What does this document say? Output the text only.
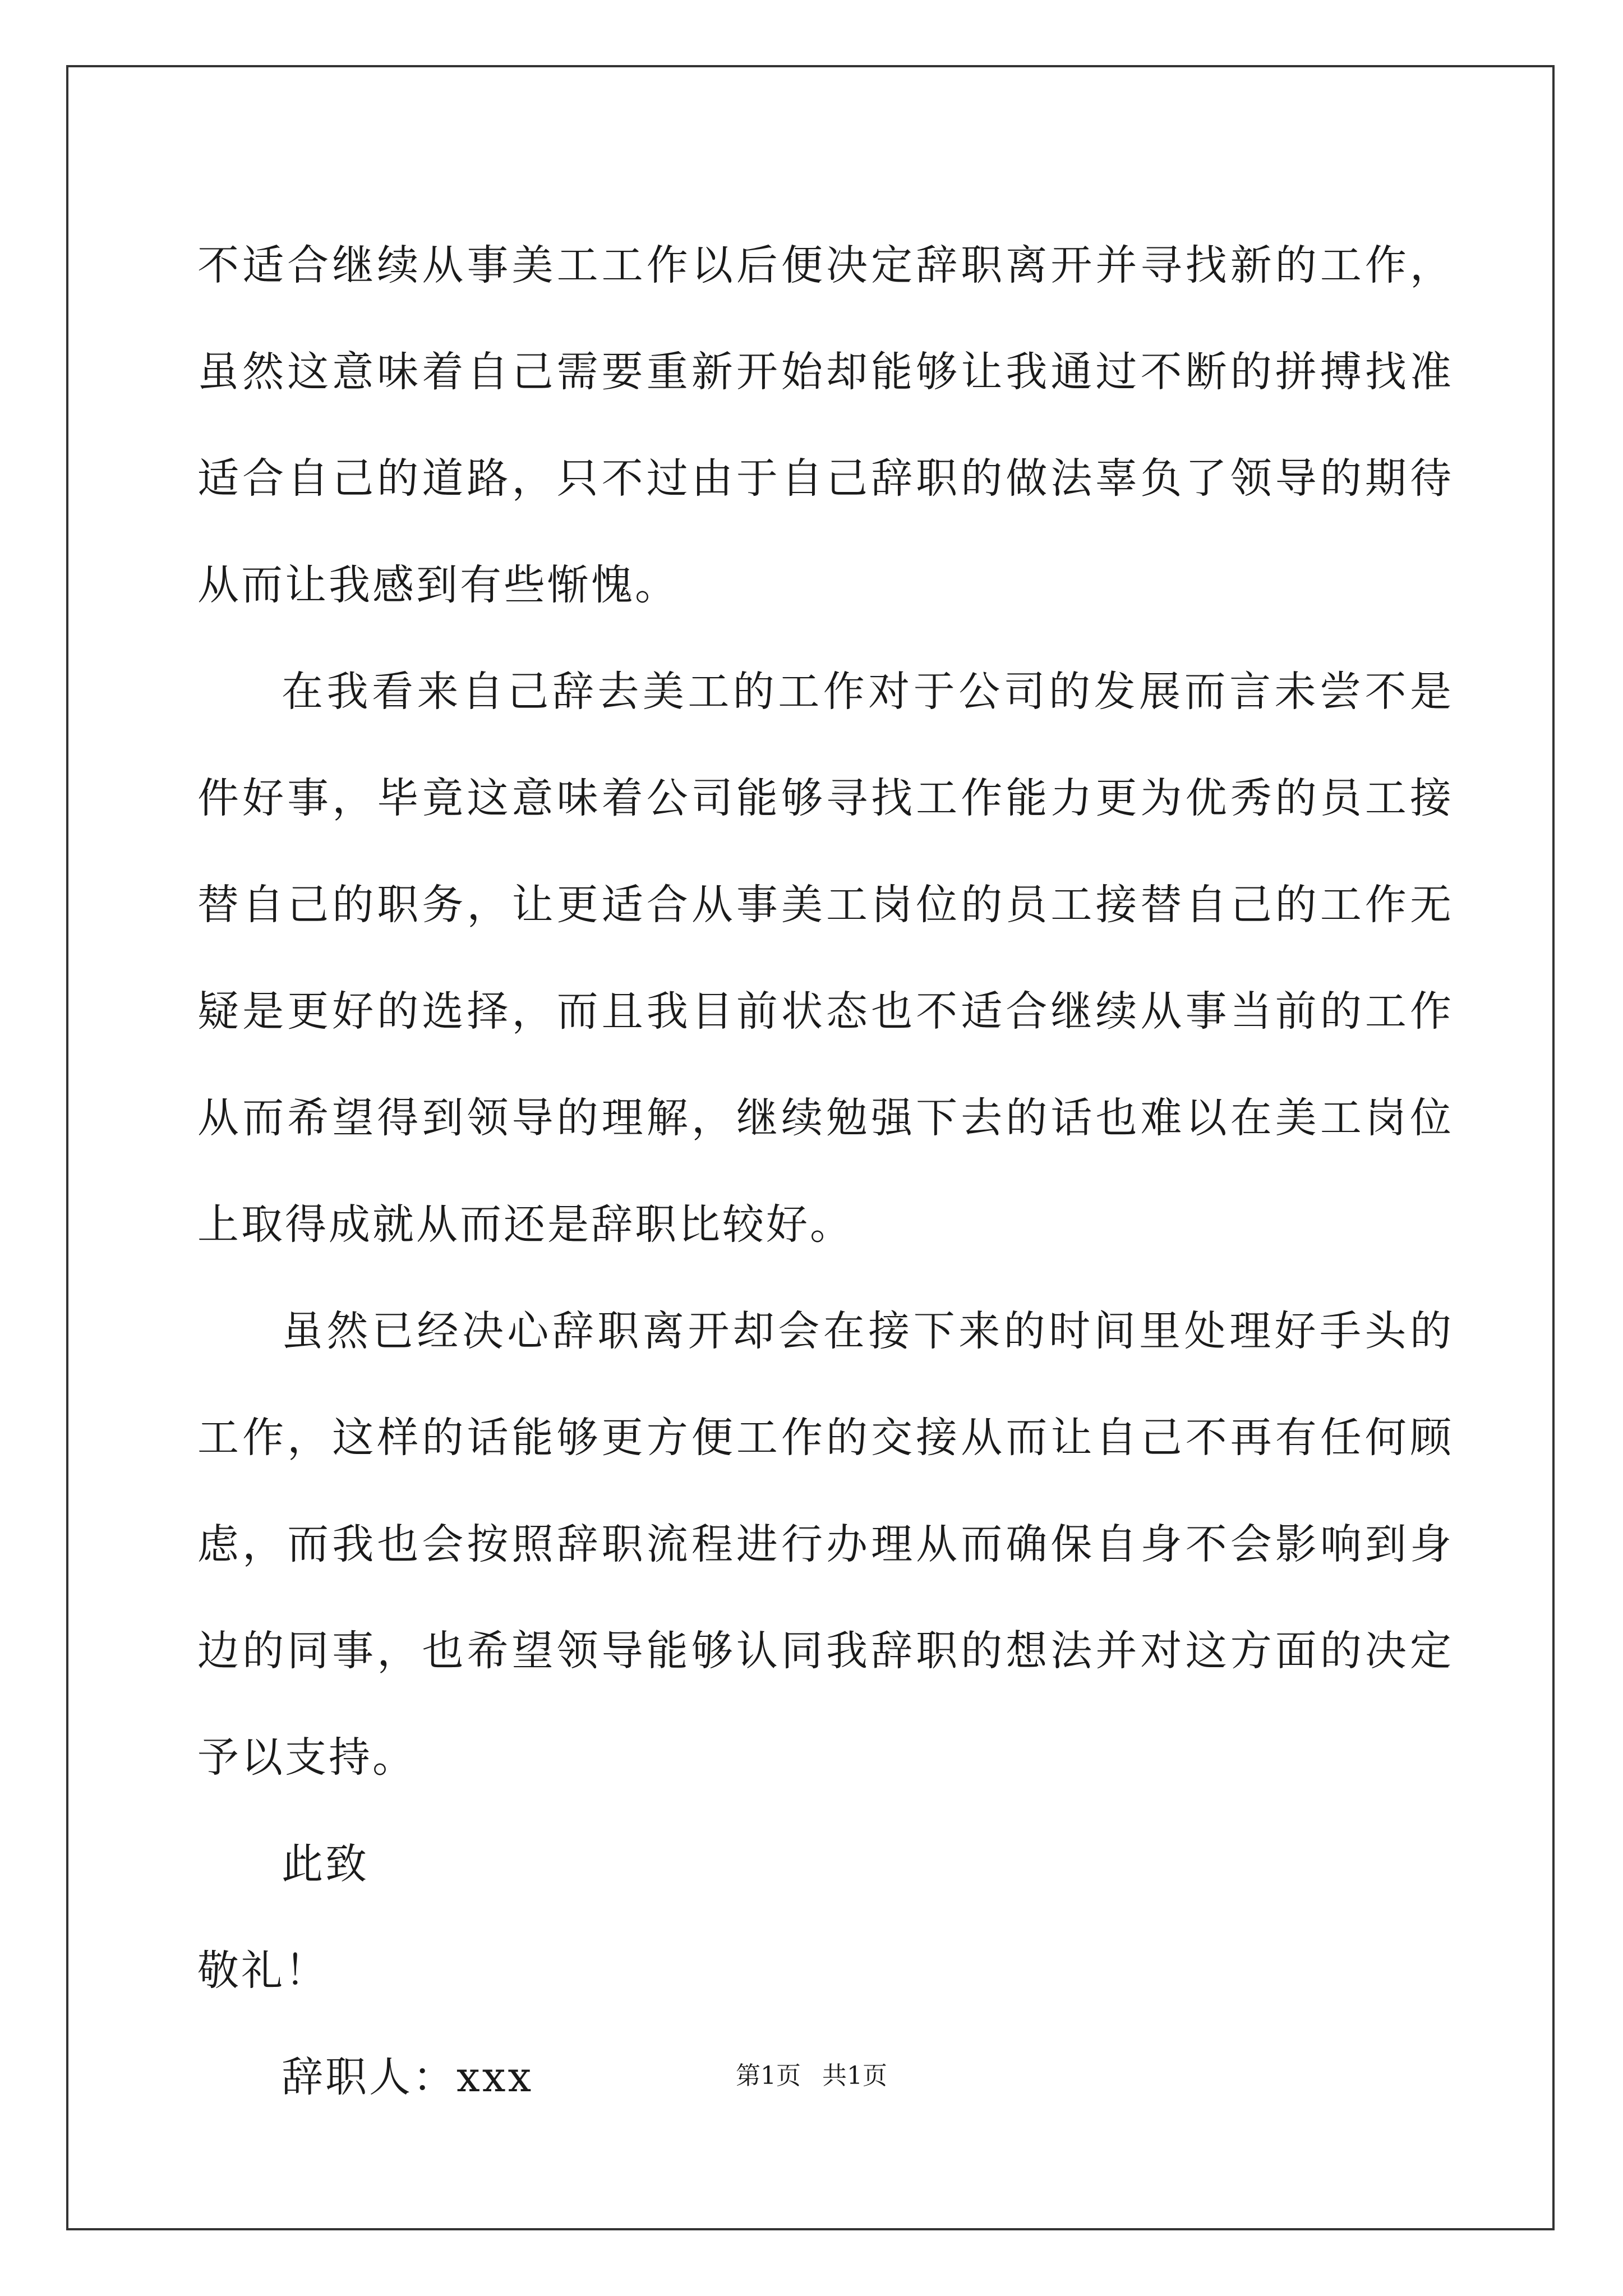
不适合继续从事美工工作以后便决定辞职离开并寻找新的工作，虽然这意味着自己需要重新开始却能够让我通过不断的拼搏找准适合自己的道路，只不过由于自己辞职的做法辜负了领导的期待从而让我感到有些惭愧。

在我看来自己辞去美工的工作对于公司的发展而言未尝不是件好事，毕竟这意味着公司能够寻找工作能力更为优秀的员工接替自己的职务，让更适合从事美工岗位的员工接替自己的工作无疑是更好的选择，而且我目前状态也不适合继续从事当前的工作从而希望得到领导的理解，继续勉强下去的话也难以在美工岗位上取得成就从而还是辞职比较好。

虽然已经决心辞职离开却会在接下来的时间里处理好手头的工作，这样的话能够更方便工作的交接从而让自己不再有任何顾虑，而我也会按照辞职流程进行办理从而确保自身不会影响到身边的同事，也希望领导能够认同我辞职的想法并对这方面的决定予以支持。

此致

敬礼！

辞职人：xxx	第1页 共1页
